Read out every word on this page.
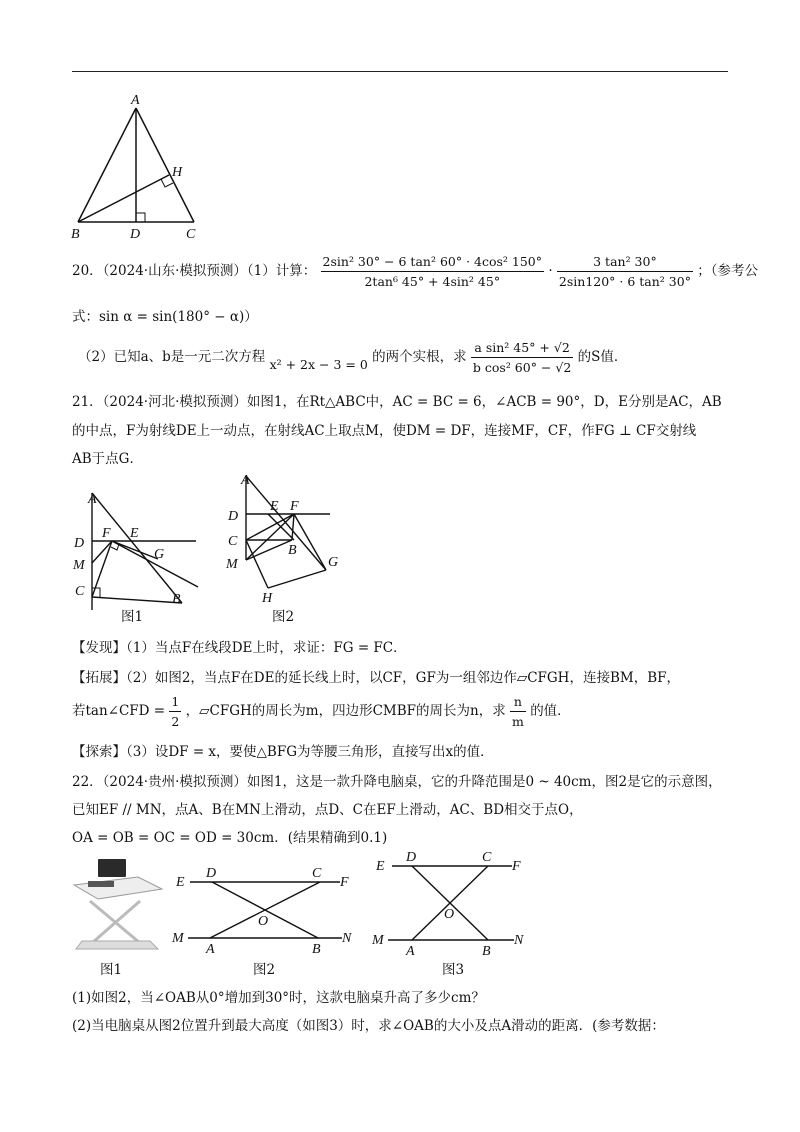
A
H
B	D	C
20．（2024·山东·模拟预测）（1）计算： $\frac{\text{2sin² 30° − 6 tan² 60° · 4cos² 150°}}{\text{2tan⁶ 45° + 4sin² 45°}} \cdot \frac{\text{3 tan² 30°}}{\text{2sin120° · 6 tan² 30°}}$ ；（参考公
式：sin α = sin(180° − α)）
（2）已知a、b是一元二次方程 x² + 2x − 3 = 0 的两个实根，求 $\frac{\text{a sin² 45° + √2}}{\text{b cos² 60° − √2}}$ 的S值．
21．（2024·河北·模拟预测）如图1，在Rt△ABC中，AC = BC = 6，∠ACB = 90°，D，E分别是AC，AB
的中点，F为射线DE上一动点，在射线AC上取点M，使DM = DF，连接MF，CF，作FG ⊥ CF交射线
AB于点G．
A
D
F E
M
G
C
B
图1
A
E F
D
C
B
M	G
H
图2
【发现】（1）当点F在线段DE上时，求证：FG = FC．
【拓展】（2）如图2，当点F在DE的延长线上时，以CF，GF为一组邻边作▱CFGH，连接BM，BF，
若tan∠CFD = $\frac{1}{2}$ ，▱CFGH的周长为m，四边形CMBF的周长为n，求 $\frac{n}{m}$ 的值．
【探索】（3）设DF = x，要使△BFG为等腰三角形，直接写出x的值．
22．（2024·贵州·模拟预测）如图1，这是一款升降电脑桌，它的升降范围是0 ~ 40cm，图2是它的示意图，
已知EF // MN，点A、B在MN上滑动，点D、C在EF上滑动，AC、BD相交于点O，
OA = OB = OC = OD = 30cm．(结果精确到0.1)
图1
E
D	C
F
O
M
A	B
N
图2
E
D	C
F
O
M
A	B
N
图3
(1)如图2，当∠OAB从0°增加到30°时，这款电脑桌升高了多少cm？
(2)当电脑桌从图2位置升到最大高度（如图3）时，求∠OAB的大小及点A滑动的距离．(参考数据：
